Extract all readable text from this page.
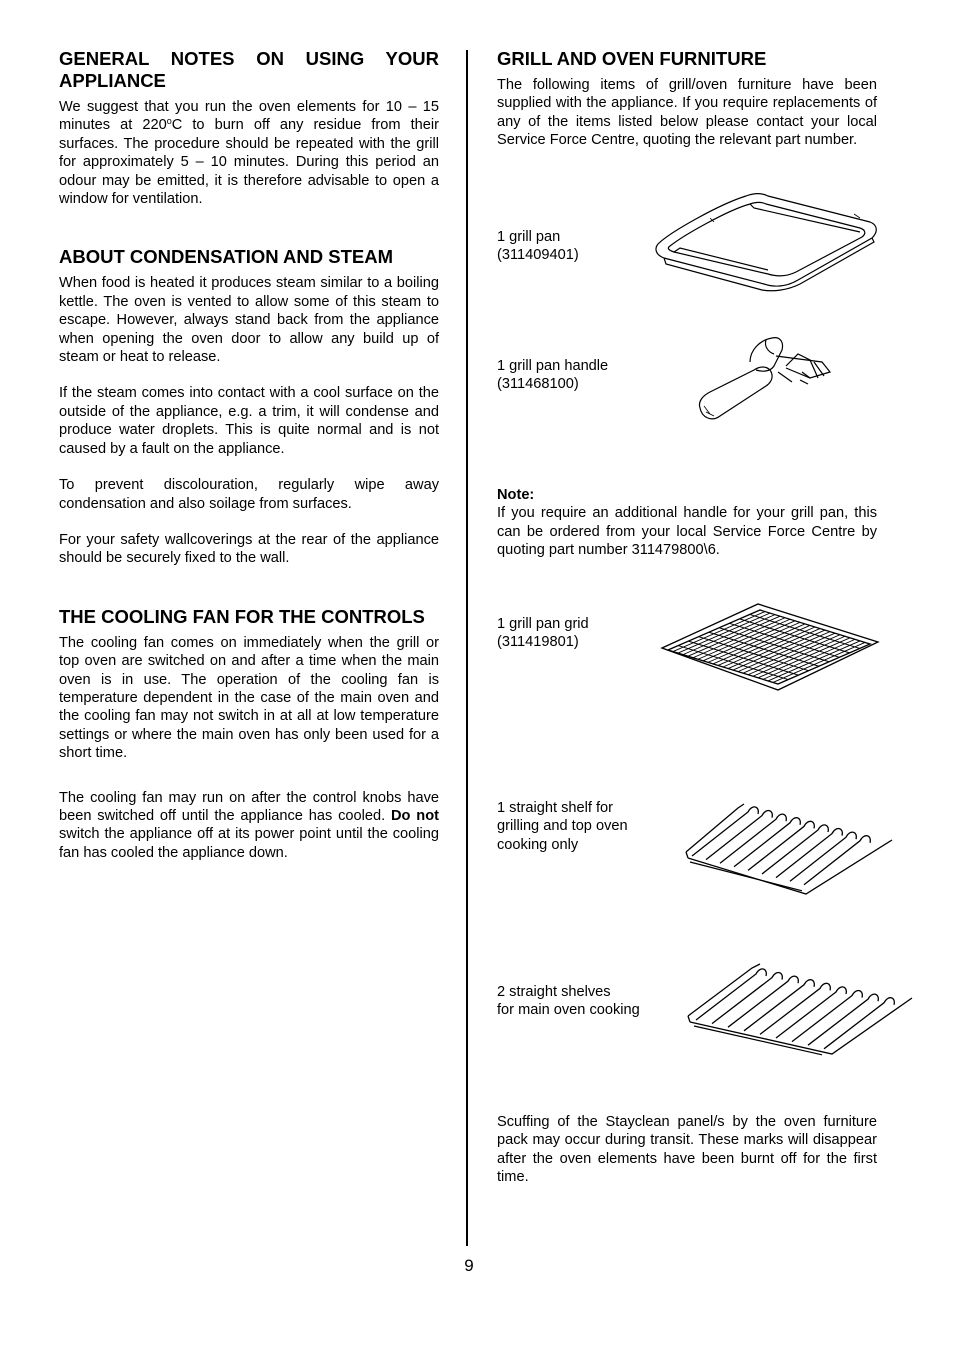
GENERAL NOTES ON USING YOUR APPLIANCE

We suggest that you run the oven elements for 10 – 15 minutes at 220$^o$C to burn off any residue from their surfaces. The procedure should be repeated with the grill for approximately 5 – 10 minutes. During this period an odour may be emitted, it is therefore advisable to open a window for ventilation.

ABOUT CONDENSATION AND STEAM

When food is heated it produces steam similar to a boiling kettle. The oven is vented to allow some of this steam to escape. However, always stand back from the appliance when opening the oven door to allow any build up of steam or heat to release.

If the steam comes into contact with a cool surface on the outside of the appliance, e.g. a trim, it will condense and produce water droplets. This is quite normal and is not caused by a fault on the appliance.

To prevent discolouration, regularly wipe away condensation and also soilage from surfaces.

For your safety wallcoverings at the rear of the appliance should be securely fixed to the wall.

THE COOLING FAN FOR THE CONTROLS

The cooling fan comes on immediately when the grill or top oven are switched on and after a time when the main oven is in use. The operation of the cooling fan is temperature dependent in the case of the main oven and the cooling fan may not switch in at all at low temperature settings or where the main oven has only been used for a short time.

The cooling fan may run on after the control knobs have been switched off until the appliance has cooled. Do not switch the appliance off at its power point until the cooling fan has cooled the appliance down.

GRILL AND OVEN FURNITURE

The following items of grill/oven furniture have been supplied with the appliance. If you require replacements of any of the items listed below please contact your local Service Force Centre, quoting the relevant part number.

1 grill pan
(311409401)
1 grill pan handle
(311468100)
Note:

If you require an additional handle for your grill pan, this can be ordered from your local Service Force Centre by quoting part number 311479800\6.

1 grill pan grid
(311419801)
1 straight shelf for
grilling and top oven
cooking only
2 straight shelves
for main oven cooking

Scuffing of the Stayclean panel/s by the oven furniture pack may occur during transit. These marks will disappear after the oven elements have been burnt off for the first time.

9
